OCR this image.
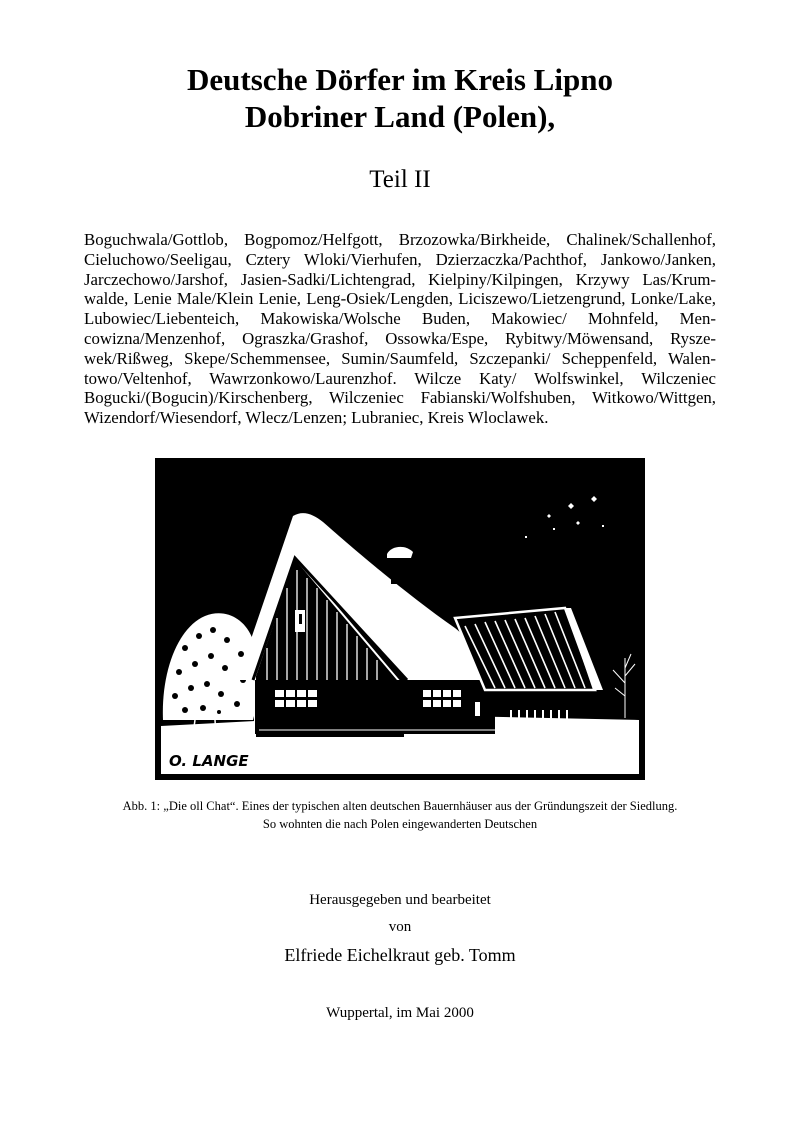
Deutsche Dörfer im Kreis Lipno
Dobriner Land (Polen),
Teil II

Boguchwala/Gottlob, Bogpomoz/Helfgott, Brzozowka/Birkheide, Chalinek/Schallenhof, Cieluchowo/Seeligau, Cztery Wloki/Vierhufen, Dzierzaczka/Pachthof, Jankowo/Janken, Jarczechowo/Jarshof, Jasien-Sadki/Lichtengrad, Kielpiny/Kilpingen, Krzywy Las/Krumwalde, Lenie Male/Klein Lenie, Leng-Osiek/Lengden, Liciszewo/Lietzengrund, Lonke/​Lake, Lubowiec/Liebenteich, Makowiska/Wolsche Buden, Makowiec/ Mohnfeld, Mencowizna/Menzenhof, Ograszka/Grashof, Ossowka/Espe, Rybitwy/Möwensand, Ryszewek/Rißweg, Skepe/Schemmensee, Sumin/Saumfeld, Szczepanki/ Scheppenfeld, Walentowo/Veltenhof, Wawrzonkowo/Laurenzhof. Wilcze Katy/ Wolfswinkel, Wilczeniec Bogucki/(Bogucin)/Kirschenberg, Wilczeniec Fabianski/Wolfshuben, Witkowo/Wittgen, Wizendorf/Wiesendorf, Wlecz/Lenzen; Lubraniec, Kreis Wloclawek.

O. LANGE

Abb. 1: „Die oll Chat“. Eines der typischen alten deutschen Bauernhäuser aus der Gründungszeit der Siedlung. So wohnten die nach Polen eingewanderten Deutschen

Herausgegeben und bearbeitet

von

Elfriede Eichelkraut geb. Tomm

Wuppertal, im Mai 2000
